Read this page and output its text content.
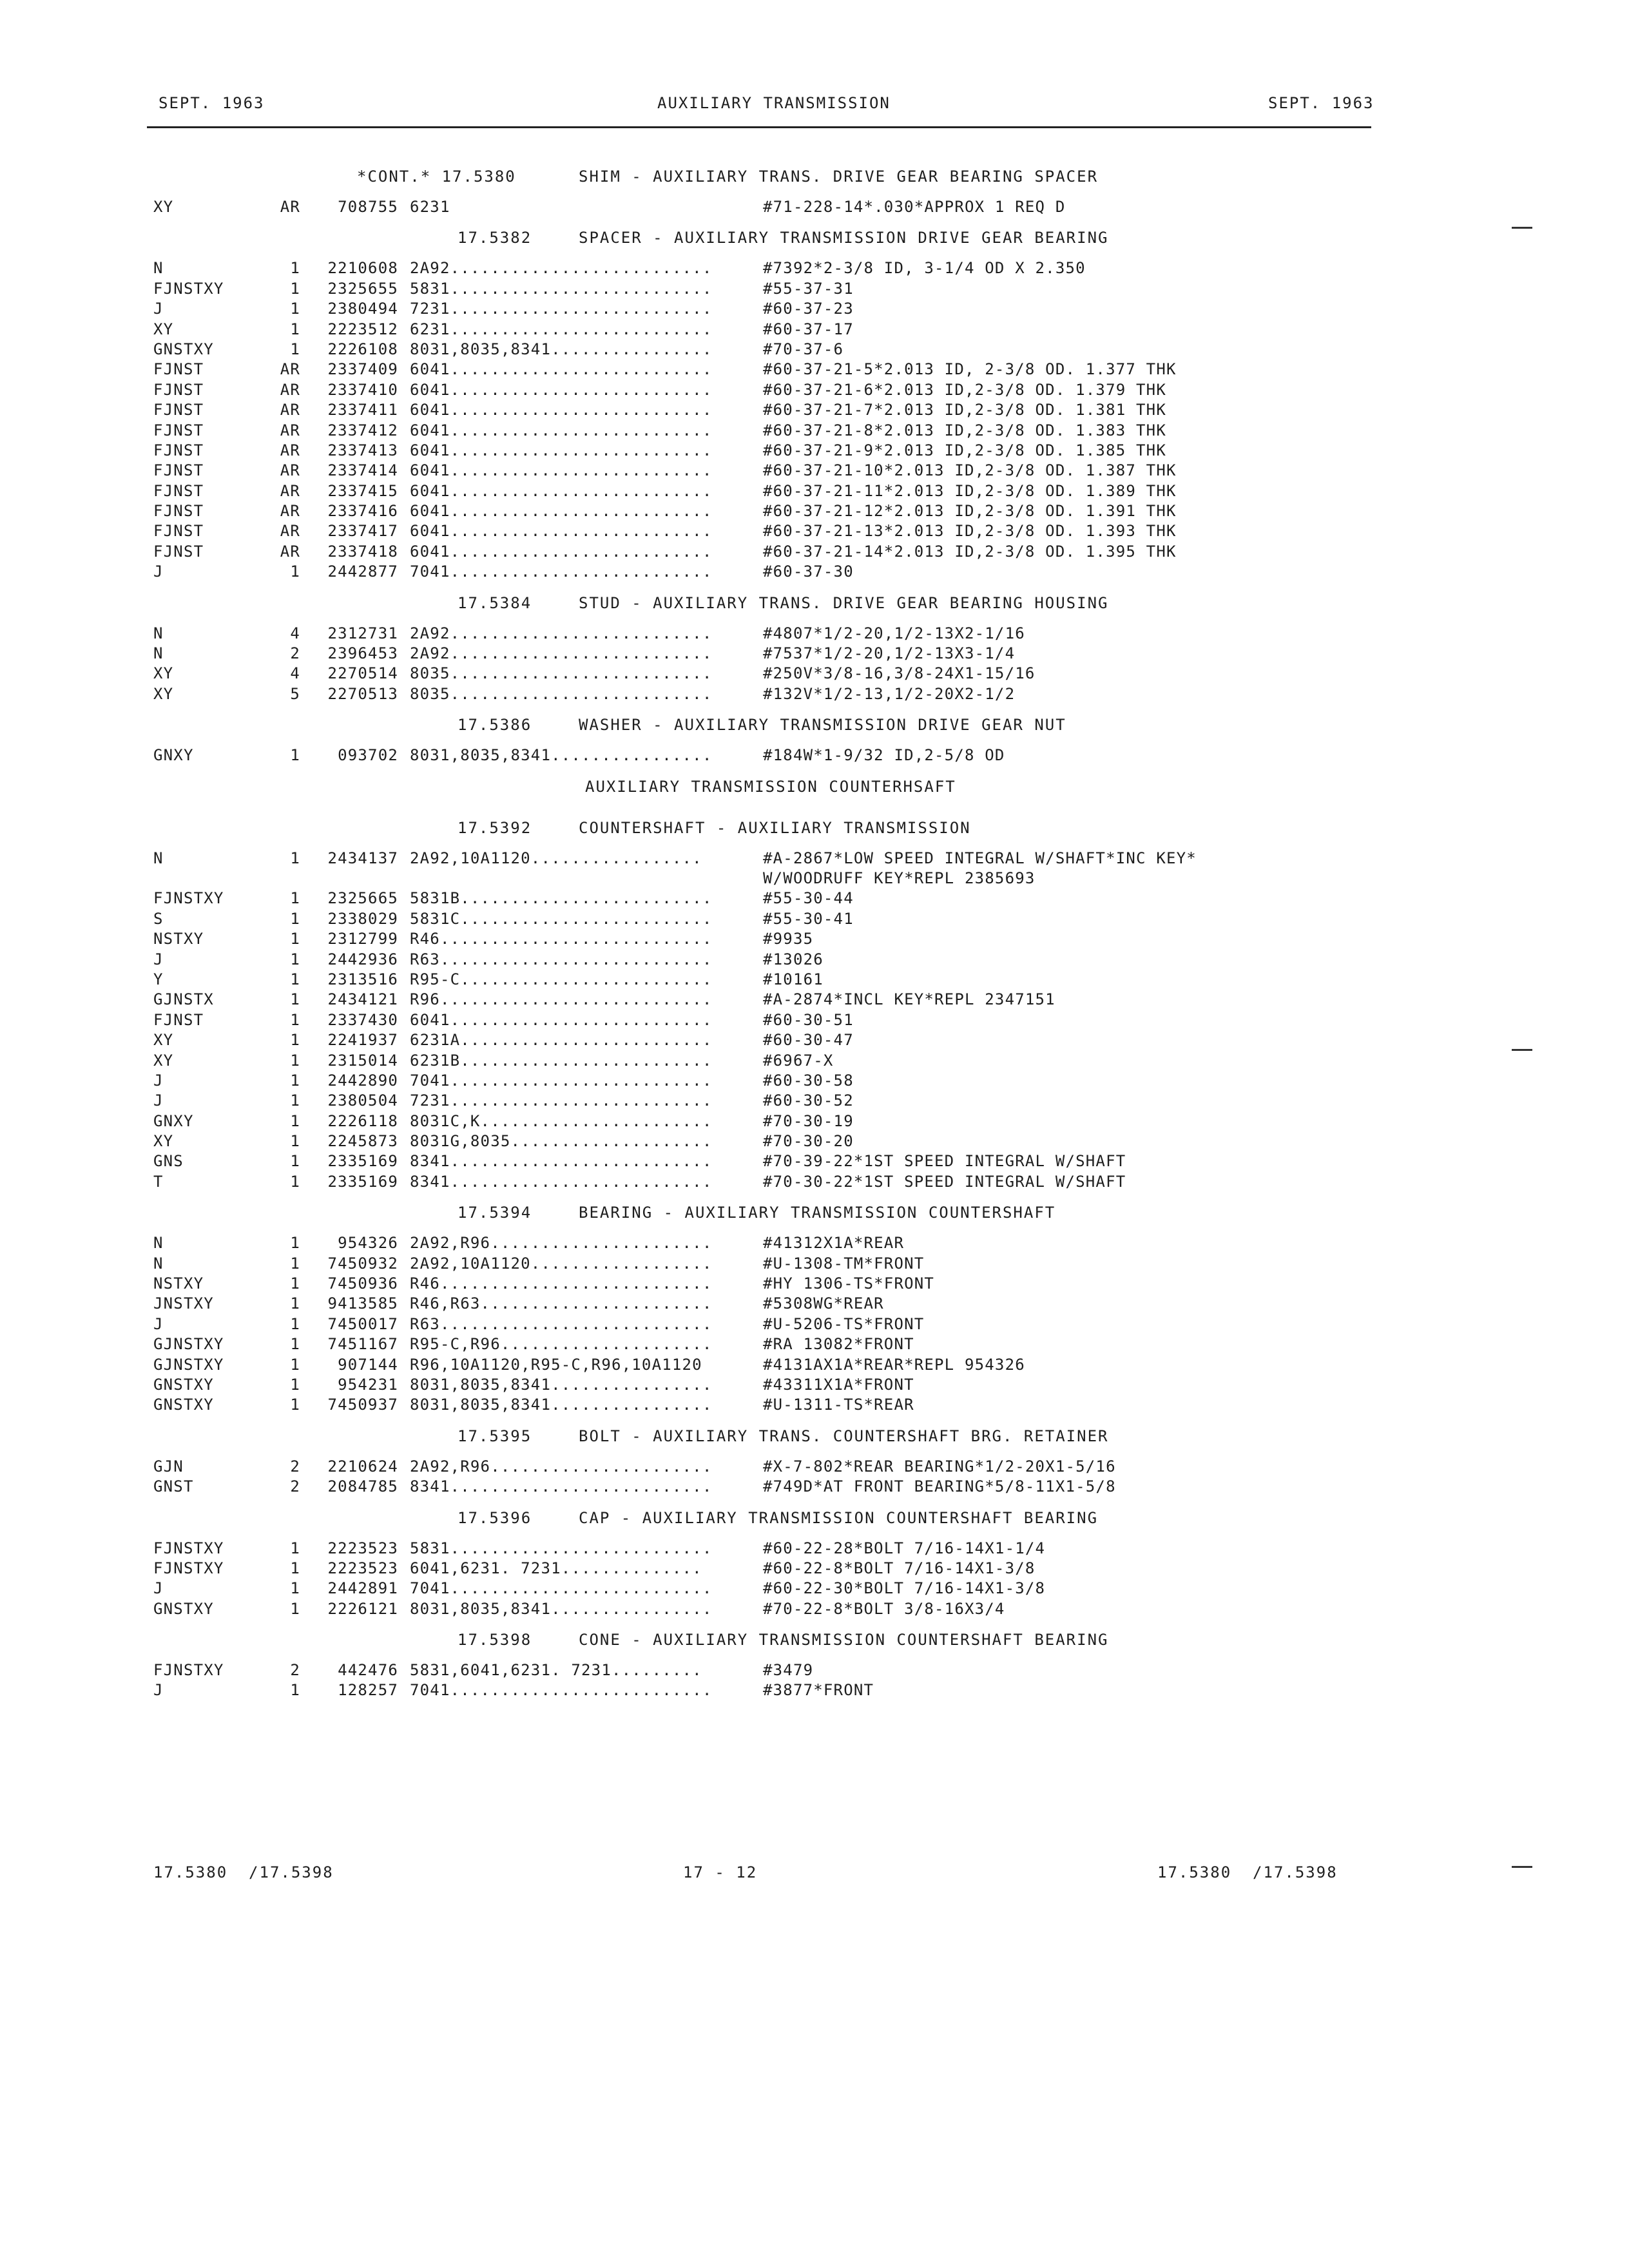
SEPT. 1963	AUXILIARY TRANSMISSION	SEPT. 1963
*CONT.* 17.5380	SHIM - AUXILIARY TRANS. DRIVE GEAR BEARING SPACER
XY	AR	708755 6231	#71-228-14*.030*APPROX 1 REQ D
17.5382	SPACER - AUXILIARY TRANSMISSION DRIVE GEAR BEARING
N	1	2210608 2A92..........................	#7392*2-3/8 ID, 3-1/4 OD X 2.350
FJNSTXY	1	2325655 5831..........................	#55-37-31
J	1	2380494 7231..........................	#60-37-23
XY	1	2223512 6231..........................	#60-37-17
GNSTXY	1	2226108 8031,8035,8341................	#70-37-6
FJNST	AR	2337409 6041..........................	#60-37-21-5*2.013 ID, 2-3/8 OD. 1.377 THK
FJNST	AR	2337410 6041..........................	#60-37-21-6*2.013 ID,2-3/8 OD. 1.379 THK
FJNST	AR	2337411 6041..........................	#60-37-21-7*2.013 ID,2-3/8 OD. 1.381 THK
FJNST	AR	2337412 6041..........................	#60-37-21-8*2.013 ID,2-3/8 OD. 1.383 THK
FJNST	AR	2337413 6041..........................	#60-37-21-9*2.013 ID,2-3/8 OD. 1.385 THK
FJNST	AR	2337414 6041..........................	#60-37-21-10*2.013 ID,2-3/8 OD. 1.387 THK
FJNST	AR	2337415 6041..........................	#60-37-21-11*2.013 ID,2-3/8 OD. 1.389 THK
FJNST	AR	2337416 6041..........................	#60-37-21-12*2.013 ID,2-3/8 OD. 1.391 THK
FJNST	AR	2337417 6041..........................	#60-37-21-13*2.013 ID,2-3/8 OD. 1.393 THK
FJNST	AR	2337418 6041..........................	#60-37-21-14*2.013 ID,2-3/8 OD. 1.395 THK
J	1	2442877 7041..........................	#60-37-30
17.5384	STUD - AUXILIARY TRANS. DRIVE GEAR BEARING HOUSING
N	4	2312731 2A92..........................	#4807*1/2-20,1/2-13X2-1/16
N	2	2396453 2A92..........................	#7537*1/2-20,1/2-13X3-1/4
XY	4	2270514 8035..........................	#250V*3/8-16,3/8-24X1-15/16
XY	5	2270513 8035..........................	#132V*1/2-13,1/2-20X2-1/2
17.5386	WASHER - AUXILIARY TRANSMISSION DRIVE GEAR NUT
GNXY	1	093702 8031,8035,8341................	#184W*1-9/32 ID,2-5/8 OD
AUXILIARY TRANSMISSION COUNTERHSAFT
17.5392	COUNTERSHAFT - AUXILIARY TRANSMISSION
N	1	2434137 2A92,10A1120.................	#A-2867*LOW SPEED INTEGRAL W/SHAFT*INC KEY*
W/WOODRUFF KEY*REPL 2385693
FJNSTXY	1	2325665 5831B.........................	#55-30-44
S	1	2338029 5831C.........................	#55-30-41
NSTXY	1	2312799 R46...........................	#9935
J	1	2442936 R63...........................	#13026
Y	1	2313516 R95-C.........................	#10161
GJNSTX	1	2434121 R96...........................	#A-2874*INCL KEY*REPL 2347151
FJNST	1	2337430 6041..........................	#60-30-51
XY	1	2241937 6231A.........................	#60-30-47
XY	1	2315014 6231B.........................	#6967-X
J	1	2442890 7041..........................	#60-30-58
J	1	2380504 7231..........................	#60-30-52
GNXY	1	2226118 8031C,K.......................	#70-30-19
XY	1	2245873 8031G,8035....................	#70-30-20
GNS	1	2335169 8341..........................	#70-39-22*1ST SPEED INTEGRAL W/SHAFT
T	1	2335169 8341..........................	#70-30-22*1ST SPEED INTEGRAL W/SHAFT
17.5394	BEARING - AUXILIARY TRANSMISSION COUNTERSHAFT
N	1	954326 2A92,R96......................	#41312X1A*REAR
N	1	7450932 2A92,10A1120..................	#U-1308-TM*FRONT
NSTXY	1	7450936 R46...........................	#HY 1306-TS*FRONT
JNSTXY	1	9413585 R46,R63.......................	#5308WG*REAR
J	1	7450017 R63...........................	#U-5206-TS*FRONT
GJNSTXY	1	7451167 R95-C,R96.....................	#RA 13082*FRONT
GJNSTXY	1	907144 R96,10A1120,R95-C,R96,10A1120	#4131AX1A*REAR*REPL 954326
GNSTXY	1	954231 8031,8035,8341................	#43311X1A*FRONT
GNSTXY	1	7450937 8031,8035,8341................	#U-1311-TS*REAR
17.5395	BOLT - AUXILIARY TRANS. COUNTERSHAFT BRG. RETAINER
GJN	2	2210624 2A92,R96......................	#X-7-802*REAR BEARING*1/2-20X1-5/16
GNST	2	2084785 8341..........................	#749D*AT FRONT BEARING*5/8-11X1-5/8
17.5396	CAP - AUXILIARY TRANSMISSION COUNTERSHAFT BEARING
FJNSTXY	1	2223523 5831..........................	#60-22-28*BOLT 7/16-14X1-1/4
FJNSTXY	1	2223523 6041,6231. 7231..............	#60-22-8*BOLT 7/16-14X1-3/8
J	1	2442891 7041..........................	#60-22-30*BOLT 7/16-14X1-3/8
GNSTXY	1	2226121 8031,8035,8341................	#70-22-8*BOLT 3/8-16X3/4
17.5398	CONE - AUXILIARY TRANSMISSION COUNTERSHAFT BEARING
FJNSTXY	2	442476 5831,6041,6231. 7231.........	#3479
J	1	128257 7041..........................	#3877*FRONT
17.5380  /17.5398	17 - 12	17.5380  /17.5398
